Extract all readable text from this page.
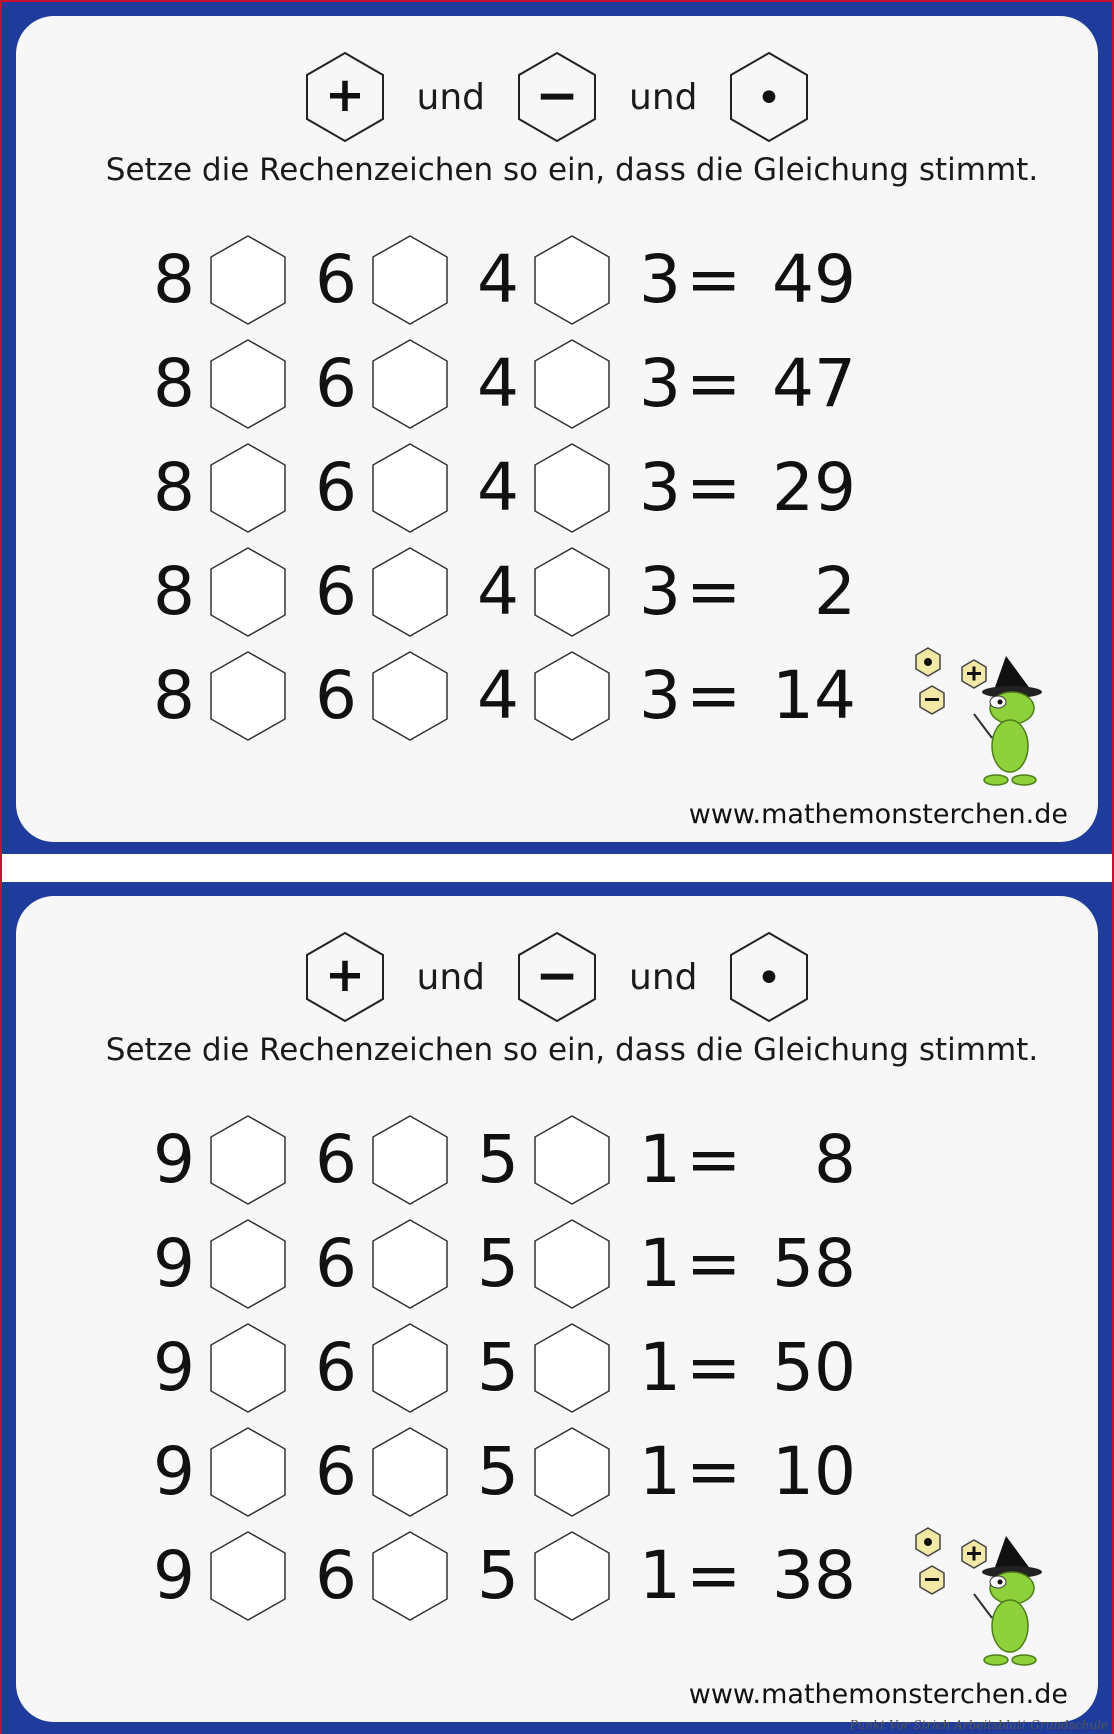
+ und − und •
Setze die Rechenzeichen so ein, dass die Gleichung stimmt.
8 6 4 3 = 49
8 6 4 3 = 47
8 6 4 3 = 29
8 6 4 3 =	2
8 6 4 3 = 14
www.mathemonsterchen.de
+ und − und •
Setze die Rechenzeichen so ein, dass die Gleichung stimmt.
9 6 5 1 =	8
9 6 5 1 = 58
9 6 5 1 = 50
9 6 5 1 = 10
9 6 5 1 = 38
www.mathemonsterchen.de
Punkt Vor Strich Arbeitsblatt Grundschule
